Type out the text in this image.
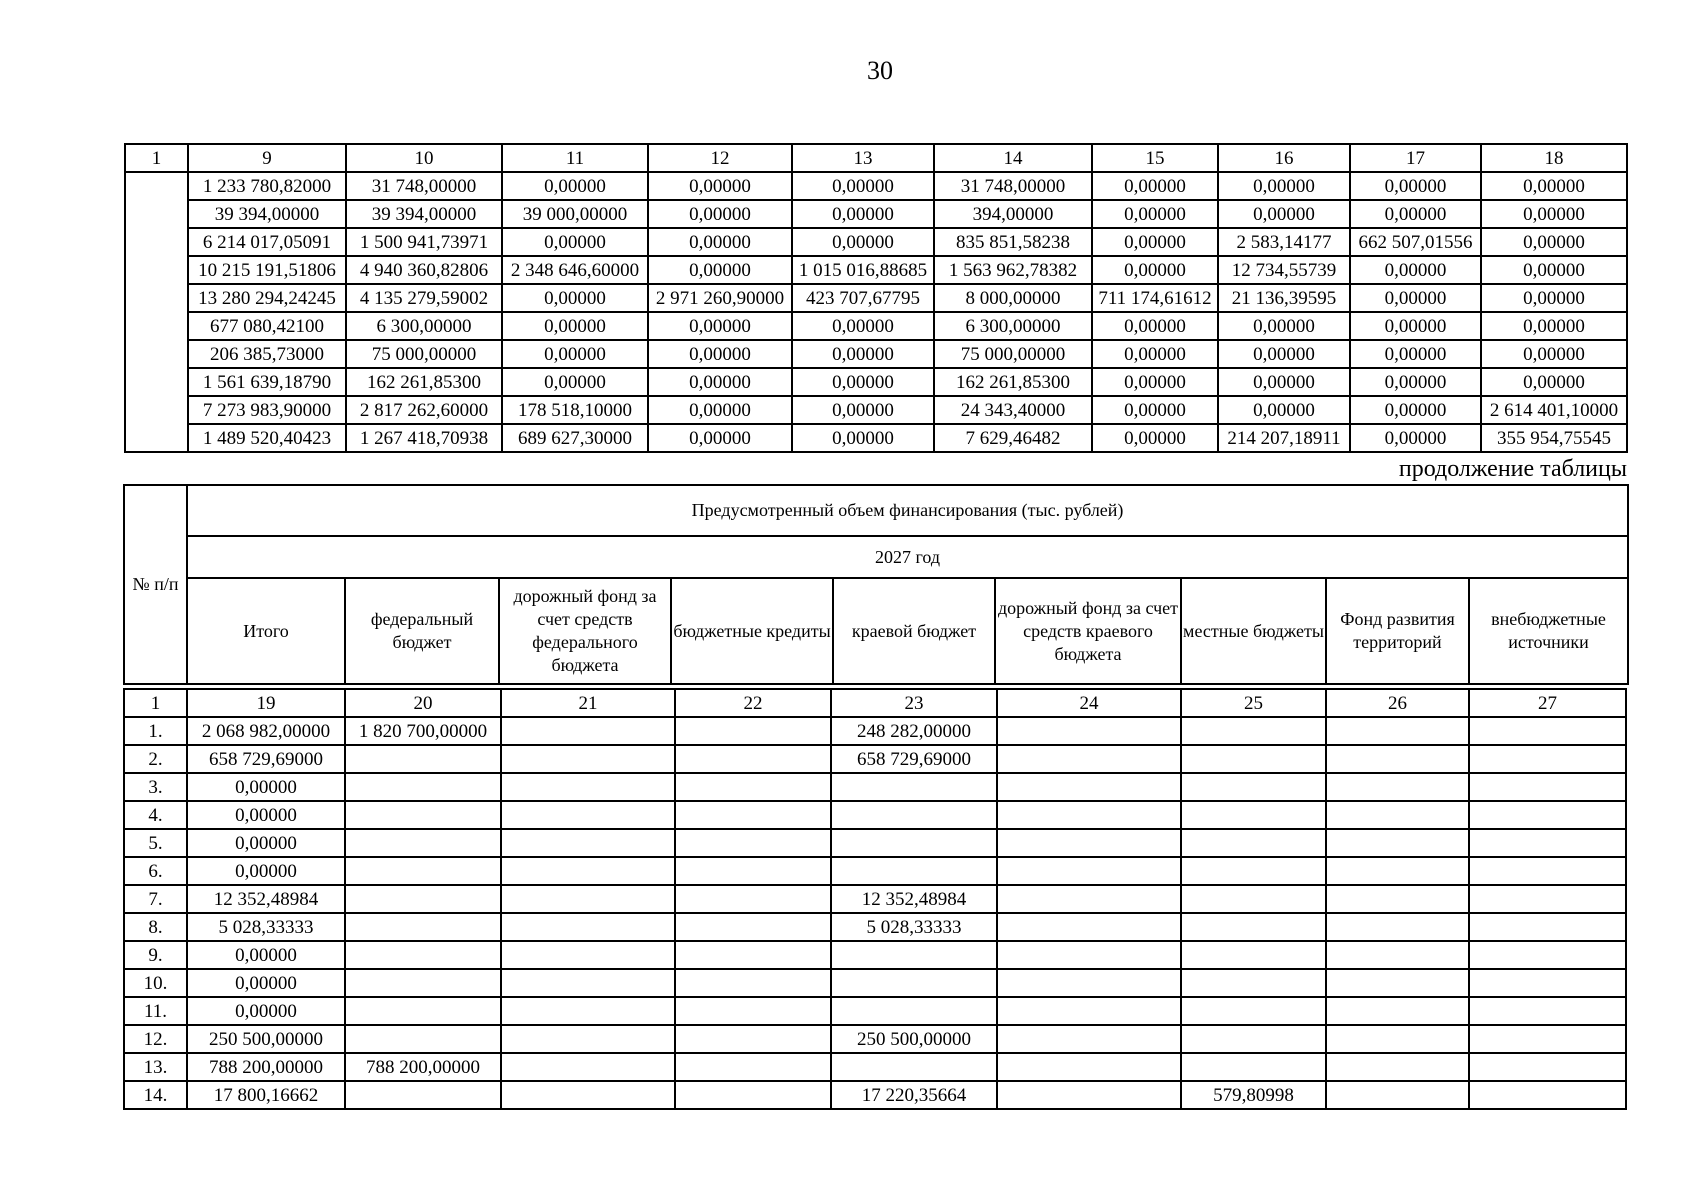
30
1	9	10	11	12	13	14	15	16	17	18
	1 233 780,82000	31 748,00000	0,00000	0,00000	0,00000	31 748,00000	0,00000	0,00000	0,00000	0,00000
	39 394,00000	39 394,00000	39 000,00000	0,00000	0,00000	394,00000	0,00000	0,00000	0,00000	0,00000
	6 214 017,05091	1 500 941,73971	0,00000	0,00000	0,00000	835 851,58238	0,00000	2 583,14177	662 507,01556	0,00000
	10 215 191,51806	4 940 360,82806	2 348 646,60000	0,00000	1 015 016,88685	1 563 962,78382	0,00000	12 734,55739	0,00000	0,00000
	13 280 294,24245	4 135 279,59002	0,00000	2 971 260,90000	423 707,67795	8 000,00000	711 174,61612	21 136,39595	0,00000	0,00000
	677 080,42100	6 300,00000	0,00000	0,00000	0,00000	6 300,00000	0,00000	0,00000	0,00000	0,00000
	206 385,73000	75 000,00000	0,00000	0,00000	0,00000	75 000,00000	0,00000	0,00000	0,00000	0,00000
	1 561 639,18790	162 261,85300	0,00000	0,00000	0,00000	162 261,85300	0,00000	0,00000	0,00000	0,00000
	7 273 983,90000	2 817 262,60000	178 518,10000	0,00000	0,00000	24 343,40000	0,00000	0,00000	0,00000	2 614 401,10000
	1 489 520,40423	1 267 418,70938	689 627,30000	0,00000	0,00000	7 629,46482	0,00000	214 207,18911	0,00000	355 954,75545
продолжение таблицы
№ п/п	Предусмотренный объем финансирования (тыс. рублей)								
	2027 год								
	Итого	федеральный бюджет	дорожный фонд за счет средств федерального бюджета	бюджетные кредиты	краевой бюджет	дорожный фонд за счет средств краевого бюджета	местные бюджеты	Фонд развития территорий	внебюджетные источники
1	19	20	21	22	23	24	25	26	27
1.	2 068 982,00000	1 820 700,00000			248 282,00000				
2.	658 729,69000				658 729,69000				
3.	0,00000								
4.	0,00000								
5.	0,00000								
6.	0,00000								
7.	12 352,48984				12 352,48984				
8.	5 028,33333				5 028,33333				
9.	0,00000								
10.	0,00000								
11.	0,00000								
12.	250 500,00000				250 500,00000				
13.	788 200,00000	788 200,00000							
14.	17 800,16662				17 220,35664		579,80998		
